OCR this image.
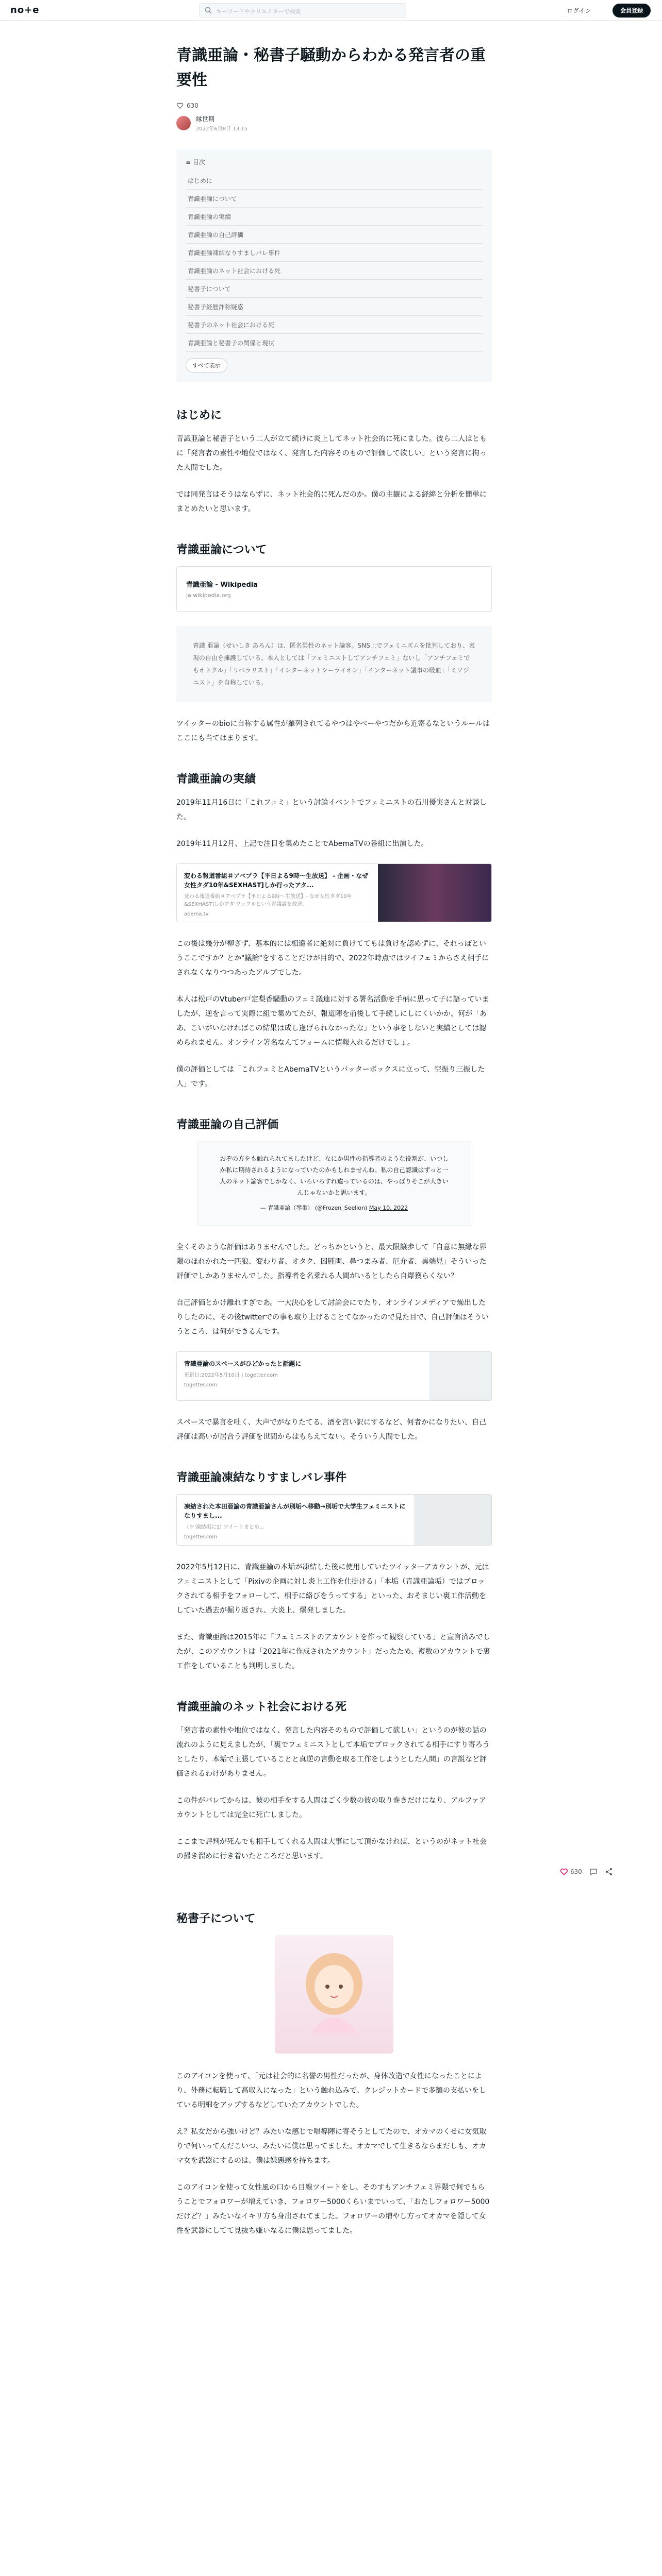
no+e	キーワードやクリエイターで検索	ログイン	会員登録
青識亜論・秘書子騒動からわかる発言者の重要性
630
縁世期
2022年6月8日 13:15
≡ 目次
はじめに
青識亜論について
青識亜論の実績
青識亜論の自己評価
青識亜論凍結なりすましバレ事件
青識亜論のネット社会における死
秘書子について
秘書子経歴詐称疑惑
秘書子のネット社会における死
青識亜論と秘書子の関係と現状
すべて表示
はじめに

青識亜論と秘書子という二人が立て続けに炎上してネット社会的に死にました。彼ら二人はともに「発言者の素性や地位ではなく、発言した内容そのもので評価して欲しい」という発言に拘った人間でした。

では同発言はそうはならずに、ネット社会的に死んだのか。僕の主観による経緯と分析を簡単にまとめたいと思います。

青識亜論について
青識亜論 - Wikipedia
ja.wikipedia.org
青識 亜論（せいしき あろん）は、匿名男性のネット論客。SNS上でフェミニズムを批判しており、表現の自由を擁護している。本人としては「フェミニストしてアンチフェミ」ないし「アンチフェミでもオトクル」「リベラリスト」「インターネットシーライオン」「インターネット議事の吸血」「ミソジニスト」を自称している。

ツイッターのbioに自称する属性が羅列されてるやつはやべーやつだから近寄るなというルールはここにも当てはまります。

青識亜論の実績

2019年11月16日に「これフェミ」という討論イベントでフェミニストの石川優実さんと対談した。

2019年11月12月、上記で注目を集めたことでAbemaTVの番組に出演した。

変わる報道番組＃アベプラ【平日よる9時～生放送】 - 企画・なぜ女性タダ10年&SEXHAST]しか行ったアタ...
変わる報道番組＃アベプラ【平日よる9時～生放送】- なぜ女性タダ10年&SEXHAST]しかアタ'ワッフルという青議論を放送。
abema.tv

この後は幾分が柳ざず、基本的には相違者に絶対に負けててもは負けを認めずに、それっぽというここですか？とか"議論"をすることだけが目的で、2022年時点ではツイフェミからさえ相手にされなくなりつつあったアルブでした。

本人は松戸のVtuber戸定梨香騒動のフェミ議連に対する署名活動を手柄に思って子に語っていましたが、逆を言って実際に組で集めてたが、報道陣を前後して手続しにしにくいかか、何が「ああ、こいがいなければこの結果は成し逢げられなかったな」という事をしないと実績としては認められません。オンライン署名なんてフォームに情報入れるだけでしょ。

僕の評価としては「これフェミとAbemaTVというバッターボックスに立って、空振り三振した人」です。

青識亜論の自己評価
おぞの方をも触れられてましたけど、なにか男性の指導者のような役割が、いつしか私に期待されるようになっていたのかもしれませんね。私の自己認識はずっと一人のネット論客でしかなく、いろいろすれ違っているのは、やっぱりそこが大きいんじゃないかと思います。
— 青識亜論（琴巣） (@Frozen_Seelion) May 10, 2022

全くそのような評価はありませんでした。どっちかというと、最大限譲歩して「自意に無縁な界隈のほれかれた一匹狼、変わり者、オタク、困腫両、鼻つまみ者、厄介者、異端児」そういった評価でしかありませんでした。指導者を名乗れる人間がいるとしたら自爆獲らくない？

自己評価とかけ離れすぎであ。一大決心をして討論会にでたり、オンラインメディアで燥出したりしたのに、その後twitterでの事も取り上げることてなかったので見た目で、自己評価はそういうところ、は何ができるんです。

青識亜論のスペースがひどかったと話題に
更新日:2022年5月10日 | togetter.com
togetter.com

スペースで暴言を吐く、大声でがなりたてる、酒を言い訳にするなど、何者かになりたい、自己評価は高いが居合う評価を世間からはもらえてない。そういう人間でした。

青識亜論凍結なりすましバレ事件
凍結された本田亜論の青識亜論さんが別垢へ移動→別垢で大学生フェミニストになりすまし...
（ツ'凍結垢に1) ツイートまとめ...
togetter.com

2022年5月12日に、青識亜論の本垢が凍結した後に使用していたツイッターアカウントが、元はフェミニストとして「Pixivの企画に対し炎上工作を仕掛ける」「本垢（青識亜論垢）ではブロックされてる相手をフォローして、相手に絡びをうってする」といった、おそまじい裏工作活動をしていた過去が掘り返され、大炎上、爆発しました。

また、青識亜論は2015年に「フェミニストのアカウントを作って観察している」と宣言済みでしたが、このアカウントは「2021年に作成されたアカウント」だったため、複数のアカウントで裏工作をしていることも判明しました。

青識亜論のネット社会における死

「発言者の素性や地位ではなく、発言した内容そのもので評価して欲しい」というのが彼の話の流れのように見えましたが、「裏でフェミニストとして本垢でブロックされてる相手にすり寄ろうとしたり、本垢で主張していることと真逆の言動を取る工作をしようとした人間」の言説など評価されるわけがありません。

この件がバレてからは、彼の相手をする人間はごく少数の彼の取り巻きだけになり、アルファアカウントとしては完全に死亡しました。

ここまで評判が死んでも相手してくれる人間は大事にして頂かなければ、というのがネット社会の掃き溜めに行き着いたところだと思います。

秘書子について

このアイコンを使って、「元は社会的に名誉の男性だったが、身体改造で女性になったことにより、外務に転職して高収入になった」という触れ込みで、クレジットカードで多額の支払いをしている明細をアップするなどしていたアカウントでした。

え？私女だから強いけど？みたいな感じで唱導陣に寄そうとしてたので、オカマのくせに女気取りで何いってんだこいつ、みたいに僕は思ってました。オカマでして生きるならまだしも、オカマ女を武器にするのは、僕は嫌悪感を持ちます。

このアイコンを使って女性風の口から目線ツイートをし、そのすもアンチフェミ界隈で何でもらうことでフォロワーが増えていき、フォロワー5000くらいまでいって、「おたしフォロワー5000だけど？」みたいなイキリ方も身出されてました。フォロワーの増やし方ってオカマを隠して女性を武器にしてて見抜ち嫌いなるに僕は思ってました。

630
